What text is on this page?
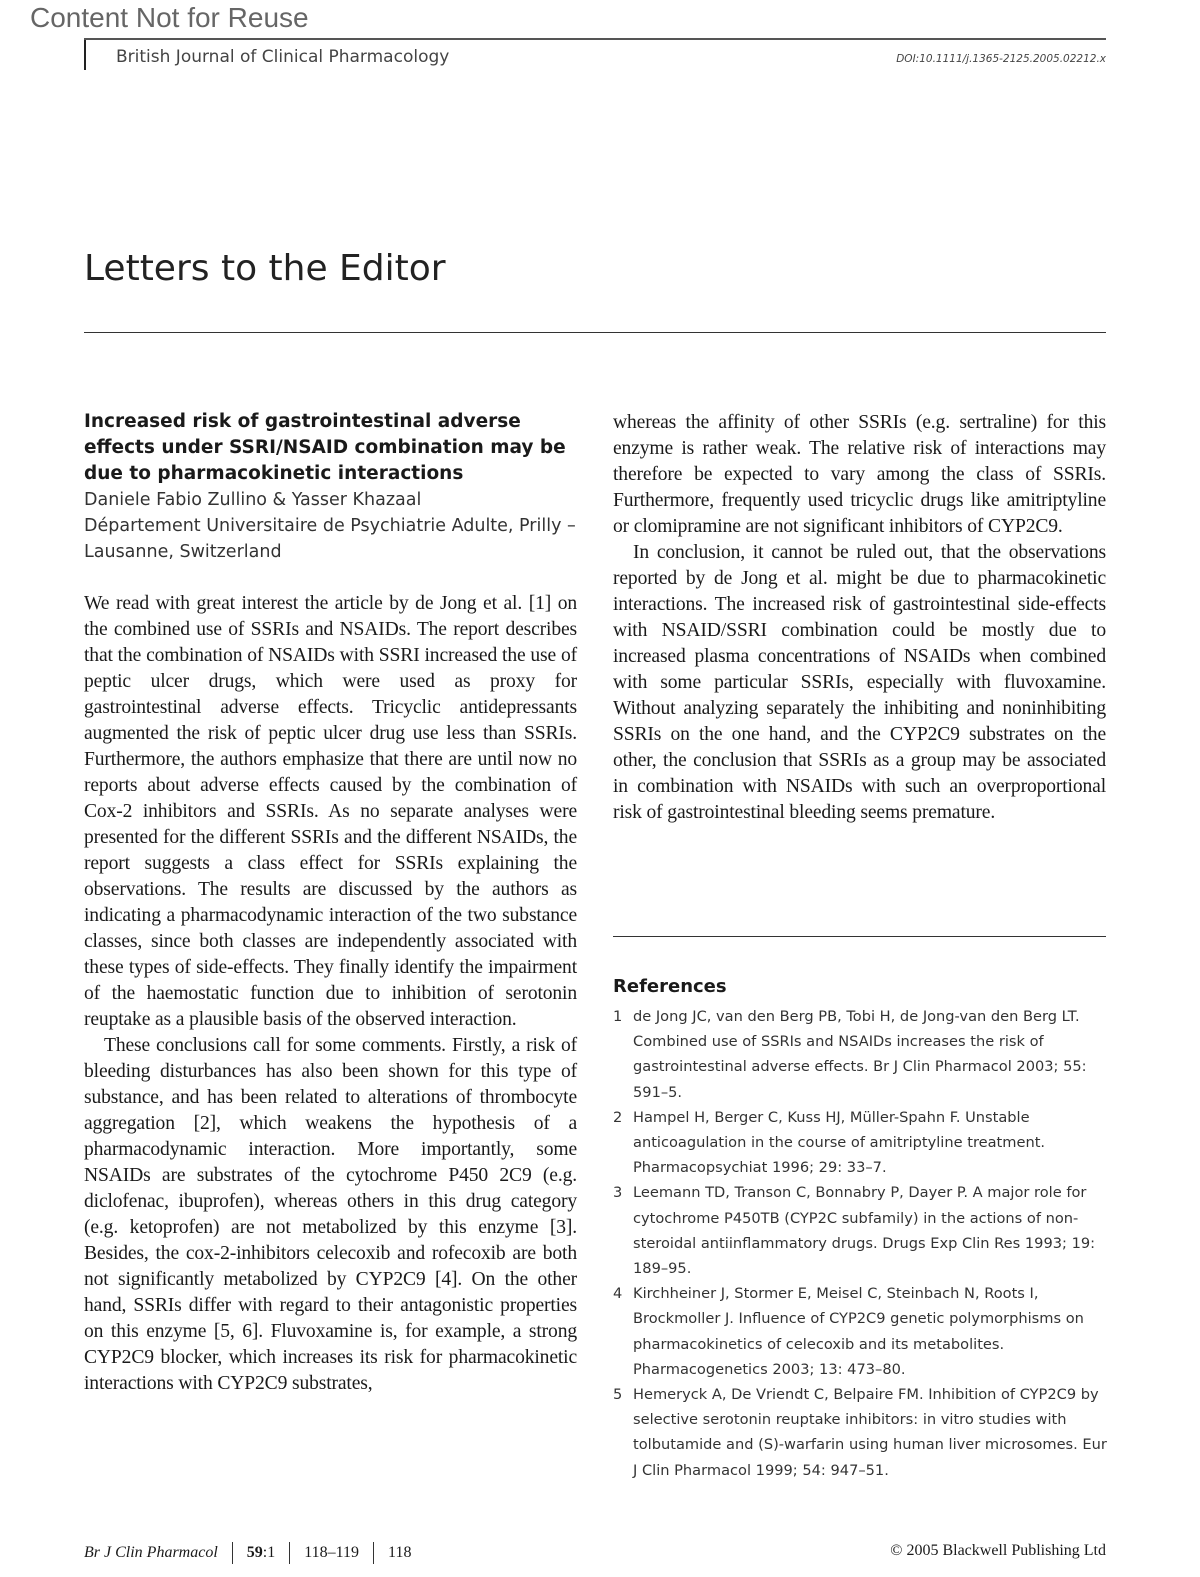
British Journal of Clinical Pharmacology
Content Not for Reuse
DOI:10.1111/j.1365-2125.2005.02212.x
Letters to the Editor
Increased risk of gastrointestinal adverse effects under SSRI/NSAID combination may be due to pharmacokinetic interactions
Daniele Fabio Zullino & Yasser Khazaal
Département Universitaire de Psychiatrie Adulte, Prilly – Lausanne, Switzerland

We read with great interest the article by de Jong et al. [1] on the combined use of SSRIs and NSAIDs. The report describes that the combination of NSAIDs with SSRI increased the use of peptic ulcer drugs, which were used as proxy for gastrointestinal adverse effects. Tricyclic antidepressants augmented the risk of peptic ulcer drug use less than SSRIs. Furthermore, the authors emphasize that there are until now no reports about adverse effects caused by the combination of Cox-2 inhibitors and SSRIs. As no separate analyses were presented for the different SSRIs and the different NSAIDs, the report suggests a class effect for SSRIs explaining the observations. The results are discussed by the authors as indicating a pharmacodynamic interaction of the two substance classes, since both classes are independently associated with these types of side-effects. They finally identify the impairment of the haemostatic function due to inhibition of serotonin reuptake as a plausible basis of the observed interaction.

These conclusions call for some comments. Firstly, a risk of bleeding disturbances has also been shown for this type of substance, and has been related to alterations of thrombocyte aggregation [2], which weakens the hypothesis of a pharmacodynamic interaction. More importantly, some NSAIDs are substrates of the cytochrome P450 2C9 (e.g. diclofenac, ibuprofen), whereas others in this drug category (e.g. ketoprofen) are not metabolized by this enzyme [3]. Besides, the cox-2-inhibitors celecoxib and rofecoxib are both not significantly metabolized by CYP2C9 [4]. On the other hand, SSRIs differ with regard to their antagonistic properties on this enzyme [5, 6]. Fluvoxamine is, for example, a strong CYP2C9 blocker, which increases its risk for pharmacokinetic interactions with CYP2C9 substrates,

whereas the affinity of other SSRIs (e.g. sertraline) for this enzyme is rather weak. The relative risk of interactions may therefore be expected to vary among the class of SSRIs. Furthermore, frequently used tricyclic drugs like amitriptyline or clomipramine are not significant inhibitors of CYP2C9.

In conclusion, it cannot be ruled out, that the observations reported by de Jong et al. might be due to pharmacokinetic interactions. The increased risk of gastrointestinal side-effects with NSAID/SSRI combination could be mostly due to increased plasma concentrations of NSAIDs when combined with some particular SSRIs, especially with fluvoxamine. Without analyzing separately the inhibiting and noninhibiting SSRIs on the one hand, and the CYP2C9 substrates on the other, the conclusion that SSRIs as a group may be associated in combination with NSAIDs with such an overproportional risk of gastrointestinal bleeding seems premature.

References
1 de Jong JC, van den Berg PB, Tobi H, de Jong-van den Berg LT. Combined use of SSRIs and NSAIDs increases the risk of gastrointestinal adverse effects. Br J Clin Pharmacol 2003; 55: 591–5.
2 Hampel H, Berger C, Kuss HJ, Müller-Spahn F. Unstable anticoagulation in the course of amitriptyline treatment. Pharmacopsychiat 1996; 29: 33–7.
3 Leemann TD, Transon C, Bonnabry P, Dayer P. A major role for cytochrome P450TB (CYP2C subfamily) in the actions of non-steroidal antiinflammatory drugs. Drugs Exp Clin Res 1993; 19: 189–95.
4 Kirchheiner J, Stormer E, Meisel C, Steinbach N, Roots I, Brockmoller J. Influence of CYP2C9 genetic polymorphisms on pharmacokinetics of celecoxib and its metabolites. Pharmacogenetics 2003; 13: 473–80.
5 Hemeryck A, De Vriendt C, Belpaire FM. Inhibition of CYP2C9 by selective serotonin reuptake inhibitors: in vitro studies with tolbutamide and (S)-warfarin using human liver microsomes. Eur J Clin Pharmacol 1999; 54: 947–51.
Br J Clin Pharmacol 59 :1 118–119 118	© 2005 Blackwell Publishing Ltd
